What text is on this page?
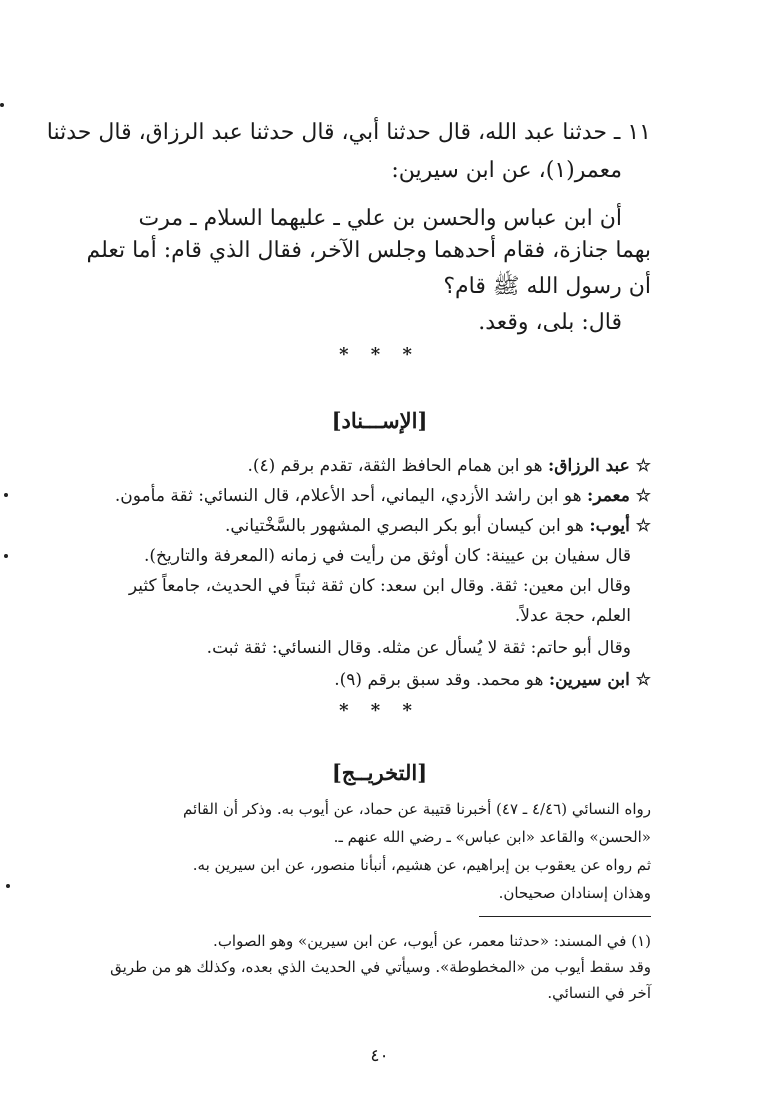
١١ ـ حدثنا عبد الله، قال حدثنا أبي، قال حدثنا عبد الرزاق، قال حدثنا
معمر(١)، عن ابن سيرين:
أن ابن عباس والحسن بن علي ـ عليهما السلام ـ مرت
بهما جنازة، فقام أحدهما وجلس الآخر، فقال الذي قام: أما تعلم
أن رسول الله ﷺ قام؟
قال: بلى، وقعد.
* * *
[الإســـناد]
☆ عبد الرزاق: هو ابن همام الحافظ الثقة، تقدم برقم (٤).
☆ معمر: هو ابن راشد الأزدي، اليماني، أحد الأعلام، قال النسائي: ثقة مأمون.
☆ أيوب: هو ابن كيسان أبو بكر البصري المشهور بالسَّخْتياني.
قال سفيان بن عيينة: كان أوثق من رأيت في زمانه (المعرفة والتاريخ).
وقال ابن معين: ثقة. وقال ابن سعد: كان ثقة ثبتاً في الحديث، جامعاً كثير
العلم، حجة عدلاً.
وقال أبو حاتم: ثقة لا يُسأل عن مثله. وقال النسائي: ثقة ثبت.
☆ ابن سيرين: هو محمد. وقد سبق برقم (٩).
* * *
[التخريــج]
رواه النسائي (٤/٤٦ ـ ٤٧) أخبرنا قتيبة عن حماد، عن أيوب به. وذكر أن القائم
«الحسن» والقاعد «ابن عباس» ـ رضي الله عنهم ـ.
ثم رواه عن يعقوب بن إبراهيم، عن هشيم، أنبأنا منصور، عن ابن سيرين به.
وهذان إسنادان صحيحان.
(١) في المسند: «حدثنا معمر، عن أيوب، عن ابن سيرين» وهو الصواب.
وقد سقط أيوب من «المخطوطة». وسيأتي في الحديث الذي بعده، وكذلك هو من طريق
آخر في النسائي.
٤٠
